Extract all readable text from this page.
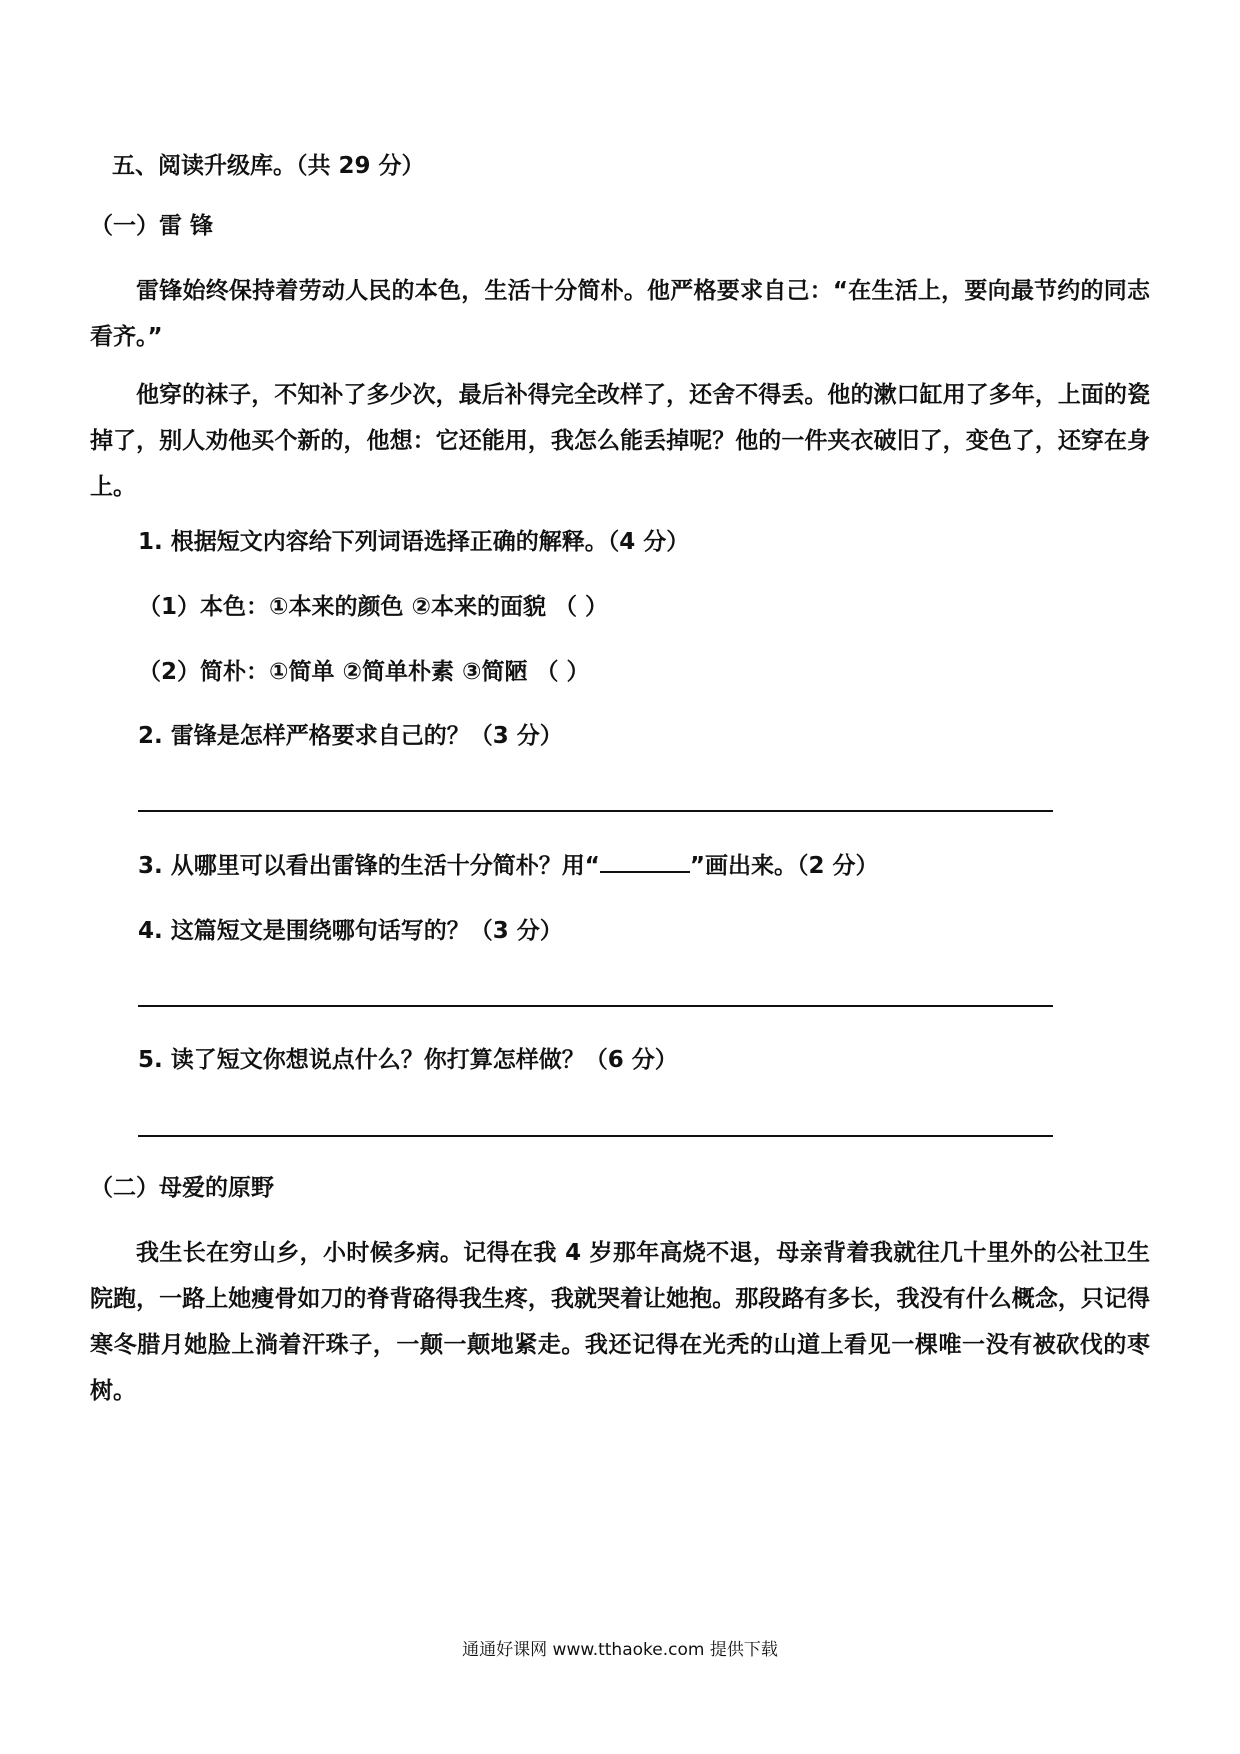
五、阅读升级库。（共 29 分）
（一）雷 锋
雷锋始终保持着劳动人民的本色，生活十分简朴。他严格要求自己：“在生活上，要向最节约的同志看齐。”
他穿的袜子，不知补了多少次，最后补得完全改样了，还舍不得丢。他的漱口缸用了多年，上面的瓷掉了，别人劝他买个新的，他想：它还能用，我怎么能丢掉呢？他的一件夹衣破旧了，变色了，还穿在身上。
1. 根据短文内容给下列词语选择正确的解释。（4 分）
（1）本色：①本来的颜色 ②本来的面貌 （ ）
（2）简朴：①简单 ②简单朴素 ③简陋 （ ）
2. 雷锋是怎样严格要求自己的？（3 分）
3. 从哪里可以看出雷锋的生活十分简朴？用“	”画出来。（2 分）
4. 这篇短文是围绕哪句话写的？（3 分）
5. 读了短文你想说点什么？你打算怎样做？（6 分）
（二）母爱的原野
我生长在穷山乡，小时候多病。记得在我 4 岁那年高烧不退，母亲背着我就往几十里外的公社卫生院跑，一路上她瘦骨如刀的脊背硌得我生疼，我就哭着让她抱。那段路有多长，我没有什么概念，只记得寒冬腊月她脸上淌着汗珠子，一颠一颠地紧走。我还记得在光秃的山道上看见一棵唯一没有被砍伐的枣树。
通通好课网 www.tthaoke.com 提供下载
